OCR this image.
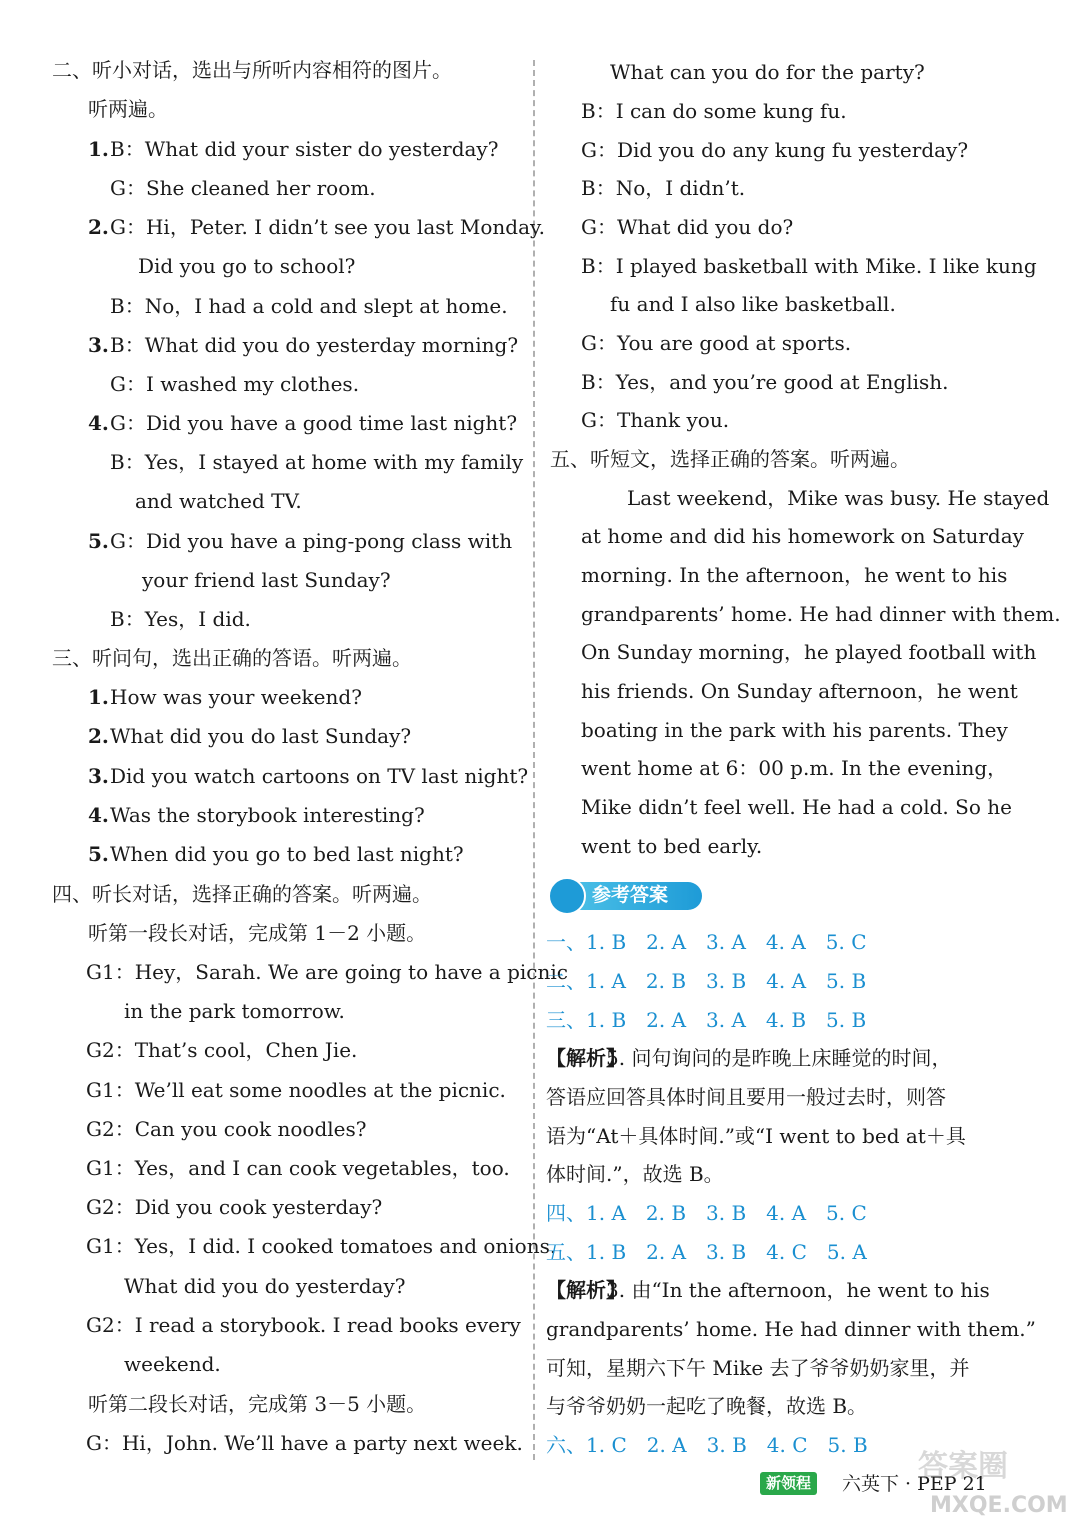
二、听小对话，选出与所听内容相符的图片。
听两遍。
1. B：What did your sister do yesterday?
G：She cleaned her room.
2. G：Hi，Peter. I didn’t see you last Monday.
Did you go to school?
B：No，I had a cold and slept at home.
3. B：What did you do yesterday morning?
G：I washed my clothes.
4. G：Did you have a good time last night?
B：Yes，I stayed at home with my family
and watched TV.
5. G：Did you have a ping-pong class with
your friend last Sunday?
B：Yes，I did.
三、听问句，选出正确的答语。听两遍。
1. How was your weekend?
2. What did you do last Sunday?
3. Did you watch cartoons on TV last night?
4. Was the storybook interesting?
5. When did you go to bed last night?
四、听长对话，选择正确的答案。听两遍。
听第一段长对话，完成第 1－2 小题。
G1：Hey，Sarah. We are going to have a picnic
in the park tomorrow.
G2：That’s cool，Chen Jie.
G1：We’ll eat some noodles at the picnic.
G2：Can you cook noodles?
G1：Yes，and I can cook vegetables，too.
G2：Did you cook yesterday?
G1：Yes，I did. I cooked tomatoes and onions.
What did you do yesterday?
G2：I read a storybook. I read books every
weekend.
听第二段长对话，完成第 3－5 小题。
G：Hi，John. We’ll have a party next week.
What can you do for the party?
B：I can do some kung fu.
G：Did you do any kung fu yesterday?
B：No，I didn’t.
G：What did you do?
B：I played basketball with Mike. I like kung
fu and I also like basketball.
G：You are good at sports.
B：Yes，and you’re good at English.
G：Thank you.
五、听短文，选择正确的答案。听两遍。
Last weekend，Mike was busy. He stayed
at home and did his homework on Saturday
morning. In the afternoon，he went to his
grandparents’ home. He had dinner with them.
On Sunday morning，he played football with
his friends. On Sunday afternoon，he went
boating in the park with his parents. They
went home at 6：00 p.m. In the evening，
Mike didn’t feel well. He had a cold. So he
went to bed early.
参考答案
一、1. B　2. A　3. A　4. A　5. C
二、1. A　2. B　3. B　4. A　5. B
三、1. B　2. A　3. A　4. B　5. B
【解析】
5. 问句询问的是昨晚上床睡觉的时间，
答语应回答具体时间且要用一般过去时，则答
语为“At＋具体时间.”或“I went to bed at＋具
体时间.”，故选 B。
四、1. A　2. B　3. B　4. A　5. C
五、1. B　2. A　3. B　4. C　5. A
【解析】
3. 由“In the afternoon，he went to his
grandparents’ home. He had dinner with them.”
可知，星期六下午 Mike 去了爷爷奶奶家里，并
与爷爷奶奶一起吃了晚餐，故选 B。
六、1. C　2. A　3. B　4. C　5. B
答案圈
MXQE.COM
新领程	六英下 · PEP 21
